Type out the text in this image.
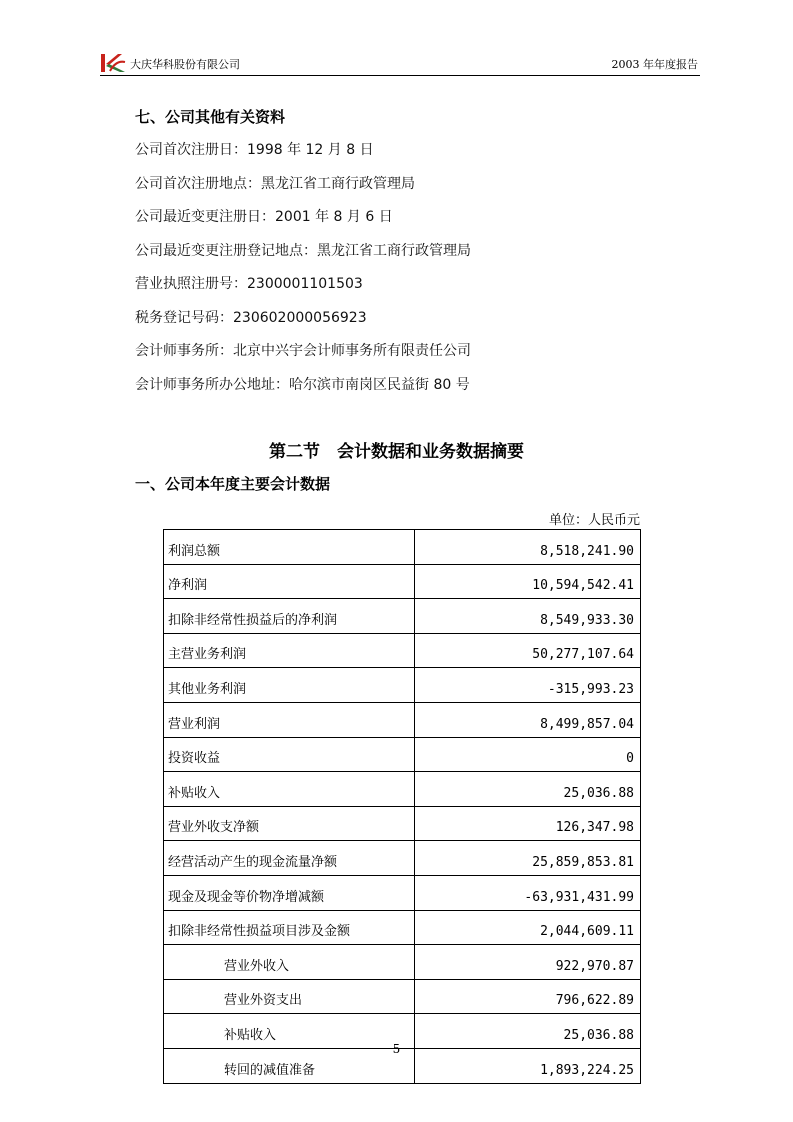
大庆华科股份有限公司	2003 年年度报告
七、公司其他有关资料
公司首次注册日：1998 年 12 月 8 日
公司首次注册地点：黑龙江省工商行政管理局
公司最近变更注册日：2001 年 8 月 6 日
公司最近变更注册登记地点：黑龙江省工商行政管理局
营业执照注册号：2300001101503
税务登记号码：230602000056923
会计师事务所：北京中兴宇会计师事务所有限责任公司
会计师事务所办公地址：哈尔滨市南岗区民益街 80 号
第二节　会计数据和业务数据摘要
一、公司本年度主要会计数据
单位：人民币元
利润总额	8,518,241.90
净利润	10,594,542.41
扣除非经常性损益后的净利润	8,549,933.30
主营业务利润	50,277,107.64
其他业务利润	-315,993.23
营业利润	8,499,857.04
投资收益	0
补贴收入	25,036.88
营业外收支净额	126,347.98
经营活动产生的现金流量净额	25,859,853.81
现金及现金等价物净增减额	-63,931,431.99
扣除非经常性损益项目涉及金额	2,044,609.11
营业外收入	922,970.87
营业外资支出	796,622.89
补贴收入	25,036.88
转回的减值准备	1,893,224.25
5
